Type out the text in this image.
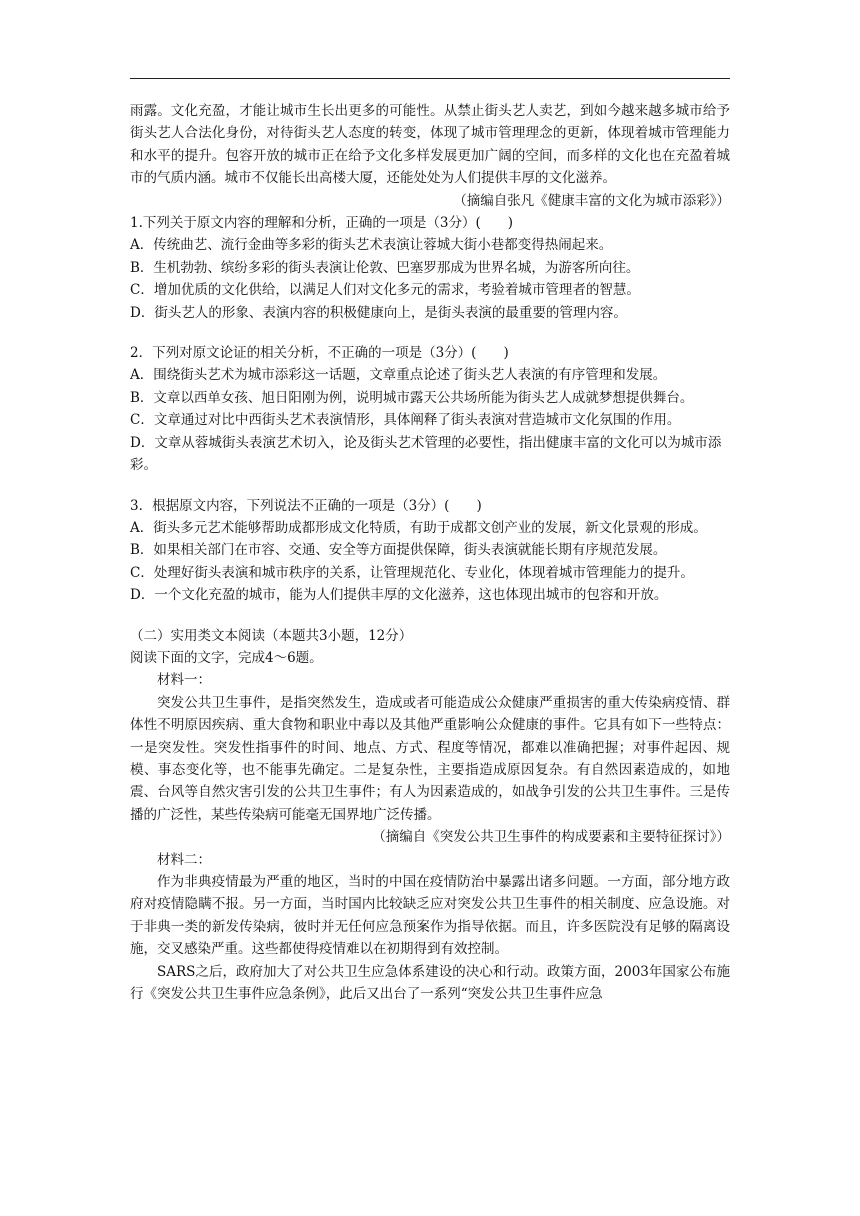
雨露。文化充盈，才能让城市生长出更多的可能性。从禁止街头艺人卖艺，到如今越来越多城市给予街头艺人合法化身份，对待街头艺人态度的转变，体现了城市管理理念的更新，体现着城市管理能力和水平的提升。包容开放的城市正在给予文化多样发展更加广阔的空间，而多样的文化也在充盈着城市的气质内涵。城市不仅能长出高楼大厦，还能处处为人们提供丰厚的文化滋养。

（摘编自张凡《健康丰富的文化为城市添彩》）

1.下列关于原文内容的理解和分析，正确的一项是（3分）(　　)

A．传统曲艺、流行金曲等多彩的街头艺术表演让蓉城大街小巷都变得热闹起来。

B．生机勃勃、缤纷多彩的街头表演让伦敦、巴塞罗那成为世界名城，为游客所向往。

C．增加优质的文化供给，以满足人们对文化多元的需求，考验着城市管理者的智慧。

D．街头艺人的形象、表演内容的积极健康向上，是街头表演的最重要的管理内容。

2．下列对原文论证的相关分析，不正确的一项是（3分）(　　)

A．围绕街头艺术为城市添彩这一话题，文章重点论述了街头艺人表演的有序管理和发展。

B．文章以西单女孩、旭日阳刚为例，说明城市露天公共场所能为街头艺人成就梦想提供舞台。

C．文章通过对比中西街头艺术表演情形，具体阐释了街头表演对营造城市文化氛围的作用。

D．文章从蓉城街头表演艺术切入，论及街头艺术管理的必要性，指出健康丰富的文化可以为城市添彩。

3．根据原文内容，下列说法不正确的一项是（3分）(　　)

A．街头多元艺术能够帮助成都形成文化特质，有助于成都文创产业的发展，新文化景观的形成。

B．如果相关部门在市容、交通、安全等方面提供保障，街头表演就能长期有序规范发展。

C．处理好街头表演和城市秩序的关系，让管理规范化、专业化，体现着城市管理能力的提升。

D．一个文化充盈的城市，能为人们提供丰厚的文化滋养，这也体现出城市的包容和开放。

（二）实用类文本阅读（本题共3小题，12分）

阅读下面的文字，完成4～6题。

材料一：

突发公共卫生事件，是指突然发生，造成或者可能造成公众健康严重损害的重大传染病疫情、群体性不明原因疾病、重大食物和职业中毒以及其他严重影响公众健康的事件。它具有如下一些特点：一是突发性。突发性指事件的时间、地点、方式、程度等情况，都难以准确把握；对事件起因、规模、事态变化等，也不能事先确定。二是复杂性，主要指造成原因复杂。有自然因素造成的，如地震、台风等自然灾害引发的公共卫生事件；有人为因素造成的，如战争引发的公共卫生事件。三是传播的广泛性，某些传染病可能毫无国界地广泛传播。

（摘编自《突发公共卫生事件的构成要素和主要特征探讨》）

材料二：

作为非典疫情最为严重的地区，当时的中国在疫情防治中暴露出诸多问题。一方面，部分地方政府对疫情隐瞒不报。另一方面，当时国内比较缺乏应对突发公共卫生事件的相关制度、应急设施。对于非典一类的新发传染病，彼时并无任何应急预案作为指导依据。而且，许多医院没有足够的隔离设施，交叉感染严重。这些都使得疫情难以在初期得到有效控制。

SARS之后，政府加大了对公共卫生应急体系建设的决心和行动。政策方面，2003年国家公布施行《突发公共卫生事件应急条例》，此后又出台了一系列“突发公共卫生事件应急
